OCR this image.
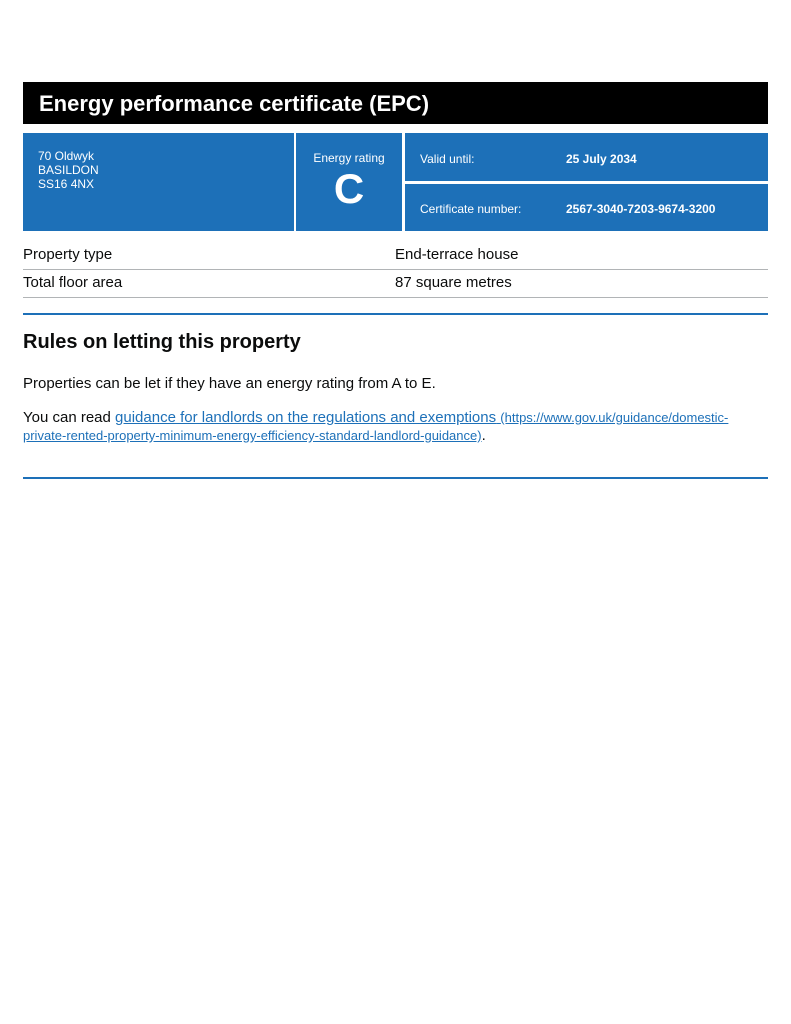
Energy performance certificate (EPC)
70 Oldwyk
BASILDON
SS16 4NX
Energy rating
C
Valid until:	25 July 2034
Certificate number:	2567-3040-7203-9674-3200
Property type	End-terrace house
Total floor area	87 square metres
Rules on letting this property

Properties can be let if they have an energy rating from A to E.

You can read guidance for landlords on the regulations and exemptions (https://www.gov.uk/guidance/domestic-private-rented-property-minimum-energy-efficiency-standard-landlord-guidance).
